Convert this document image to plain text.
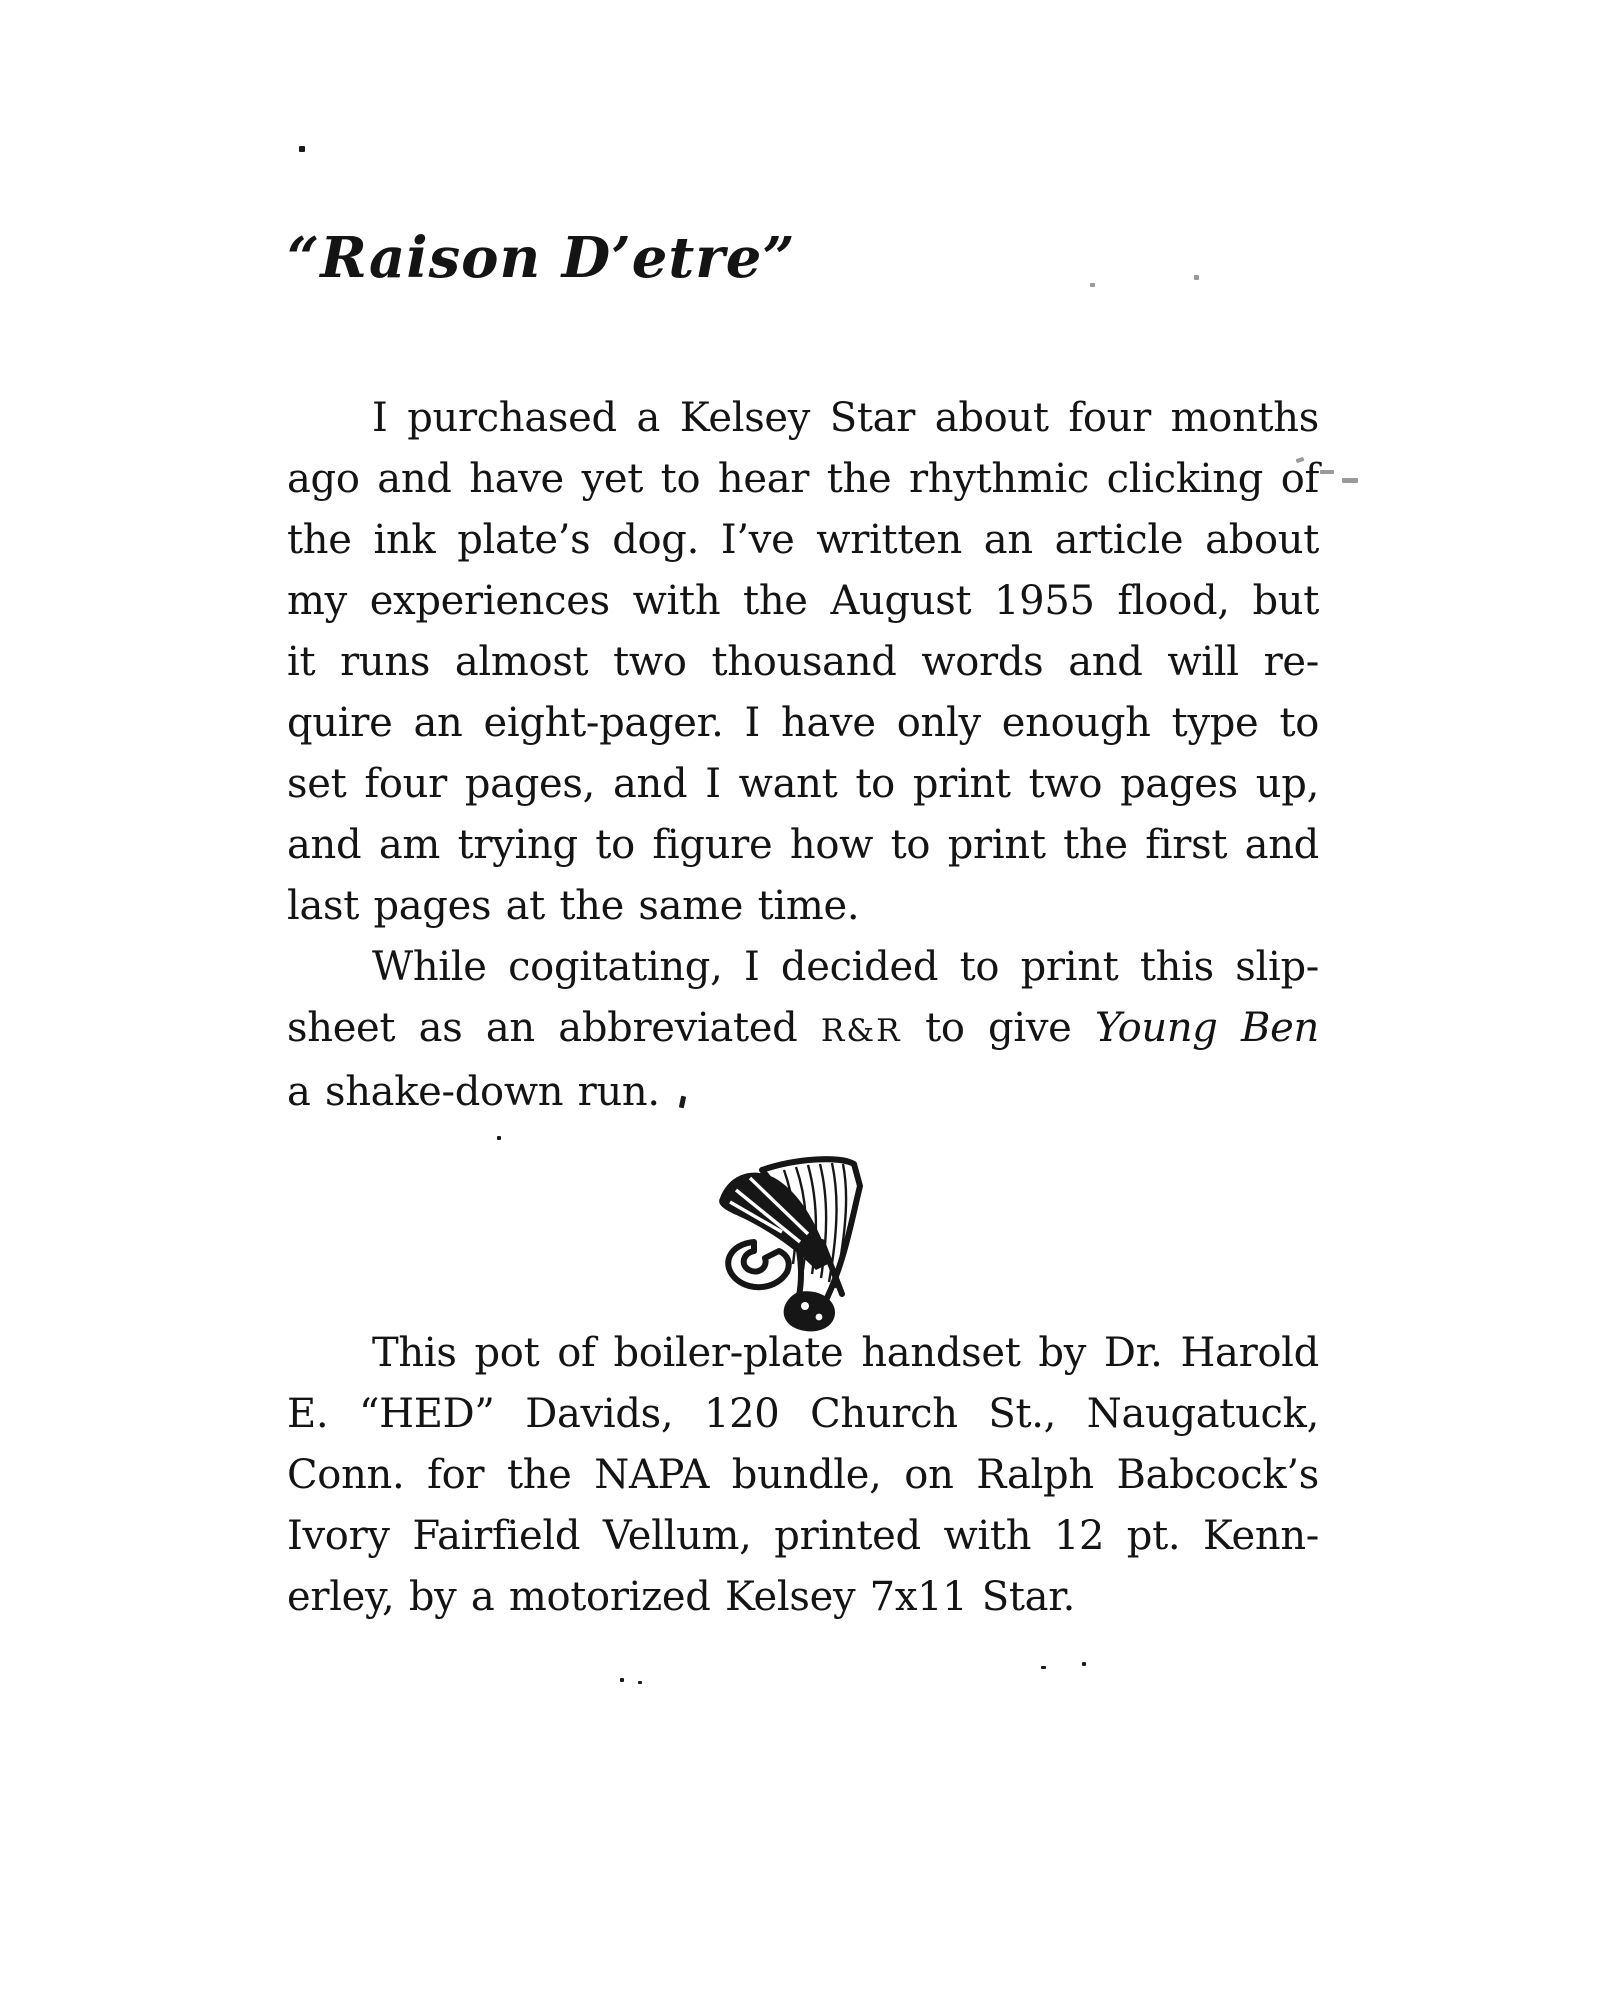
“Raison D’etre”
I purchased a Kelsey Star about four months
ago and have yet to hear the rhythmic clicking of
the ink plate’s dog. I’ve written an article about
my experiences with the August 1955 flood, but
it runs almost two thousand words and will re-
quire an eight-pager. I have only enough type to
set four pages, and I want to print two pages up,
and am trying to figure how to print the first and
last pages at the same time.
While cogitating, I decided to print this slip-
sheet as an abbreviated R&R to give Young Ben
a shake-down run.
This pot of boiler-plate handset by Dr. Harold
E. “HED” Davids, 120 Church St., Naugatuck,
Conn. for the NAPA bundle, on Ralph Babcock’s
Ivory Fairfield Vellum, printed with 12 pt. Kenn-
erley, by a motorized Kelsey 7x11 Star.
